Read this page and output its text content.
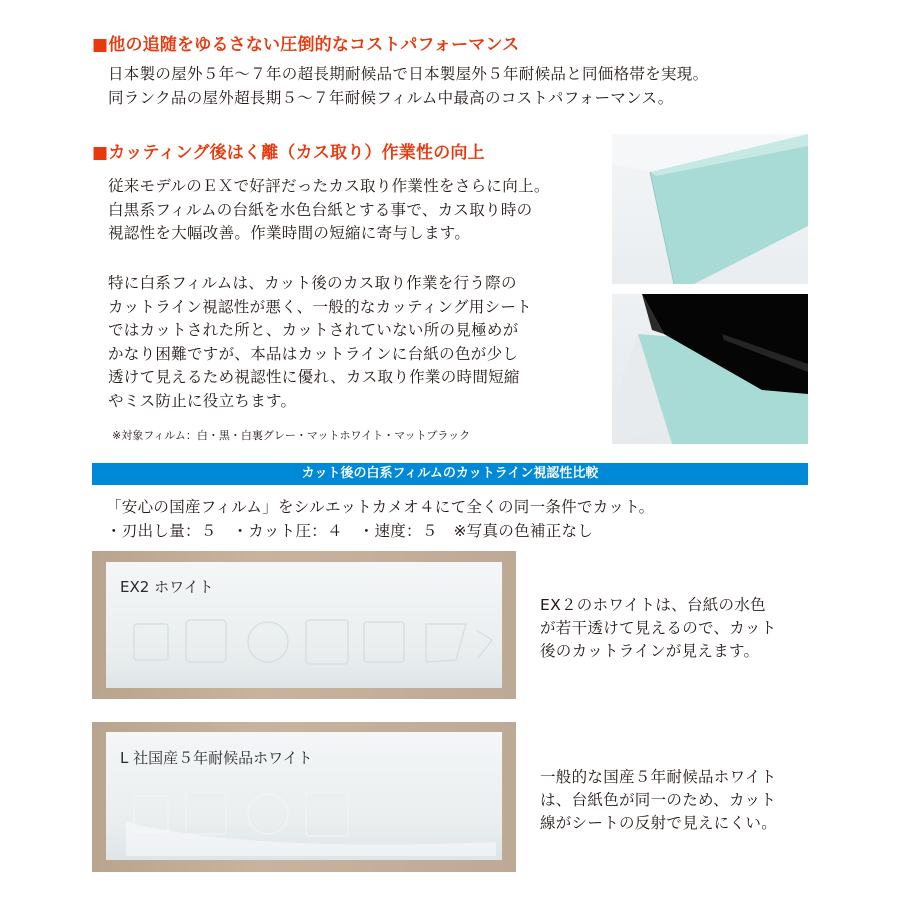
■他の追随をゆるさない圧倒的なコストパフォーマンス
日本製の屋外５年～７年の超長期耐候品で日本製屋外５年耐候品と同価格帯を実現。
同ランク品の屋外超長期５～７年耐候フィルム中最高のコストパフォーマンス。
■カッティング後はく離（カス取り）作業性の向上
従来モデルのＥＸで好評だったカス取り作業性をさらに向上。
白黒系フィルムの台紙を水色台紙とする事で、カス取り時の
視認性を大幅改善。作業時間の短縮に寄与します。
特に白系フィルムは、カット後のカス取り作業を行う際の
カットライン視認性が悪く、一般的なカッティング用シート
ではカットされた所と、カットされていない所の見極めが
かなり困難ですが、本品はカットラインに台紙の色が少し
透けて見えるため視認性に優れ、カス取り作業の時間短縮
やミス防止に役立ちます。
※対象フィルム：白・黒・白裏グレー・マットホワイト・マットブラック
カット後の白系フィルムのカットライン視認性比較
「安心の国産フィルム」をシルエットカメオ４にて全くの同一条件でカット。
・刃出し量：５　・カット圧：４　・速度：５　※写真の色補正なし
EX2 ホワイト
EX２のホワイトは、台紙の水色
が若干透けて見えるので、カット
後のカットラインが見えます。
L 社国産５年耐候品ホワイト
一般的な国産５年耐候品ホワイト
は、台紙色が同一のため、カット
線がシートの反射で見えにくい。
